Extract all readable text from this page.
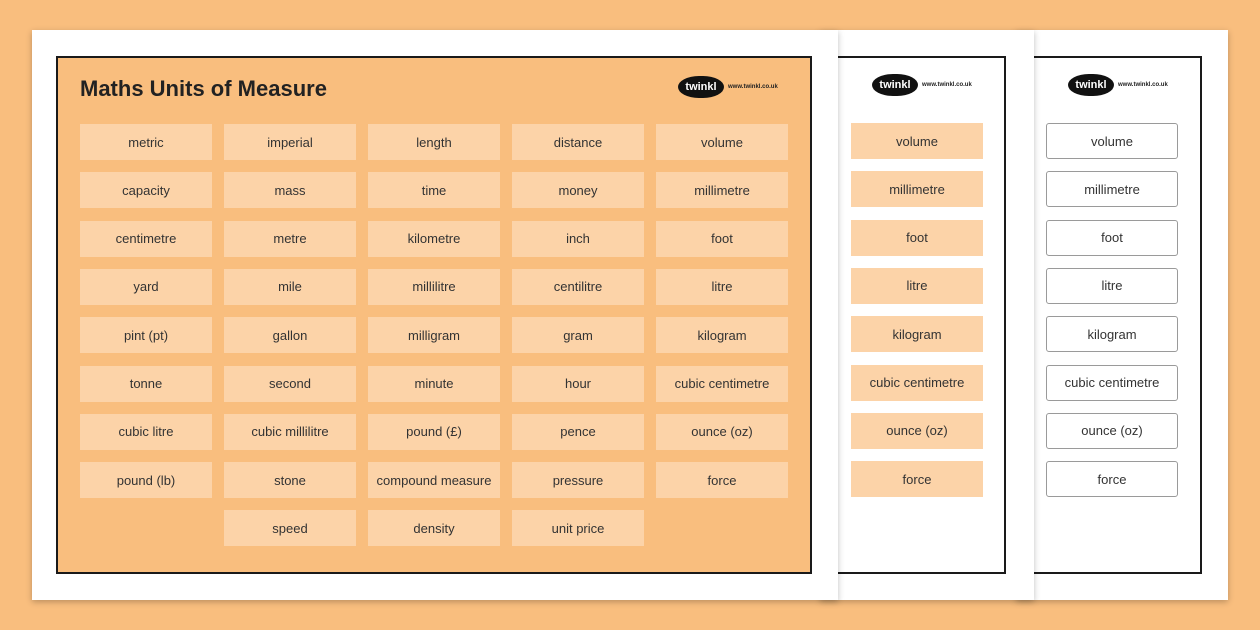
twinkl	www.twinkl.co.uk
volume
millimetre
foot
litre
kilogram
cubic centimetre
ounce (oz)
force
twinkl	www.twinkl.co.uk
volume
millimetre
foot
litre
kilogram
cubic centimetre
ounce (oz)
force
Maths Units of Measure	twinkl	www.twinkl.co.uk
metric	imperial	length	distance	volume
capacity	mass	time	money	millimetre
centimetre	metre	kilometre	inch	foot
yard	mile	millilitre	centilitre	litre
pint (pt)	gallon	milligram	gram	kilogram
tonne	second	minute	hour	cubic centimetre
cubic litre	cubic millilitre	pound (£)	pence	ounce (oz)
pound (lb)	stone	compound measure	pressure	force
speed	density	unit price
